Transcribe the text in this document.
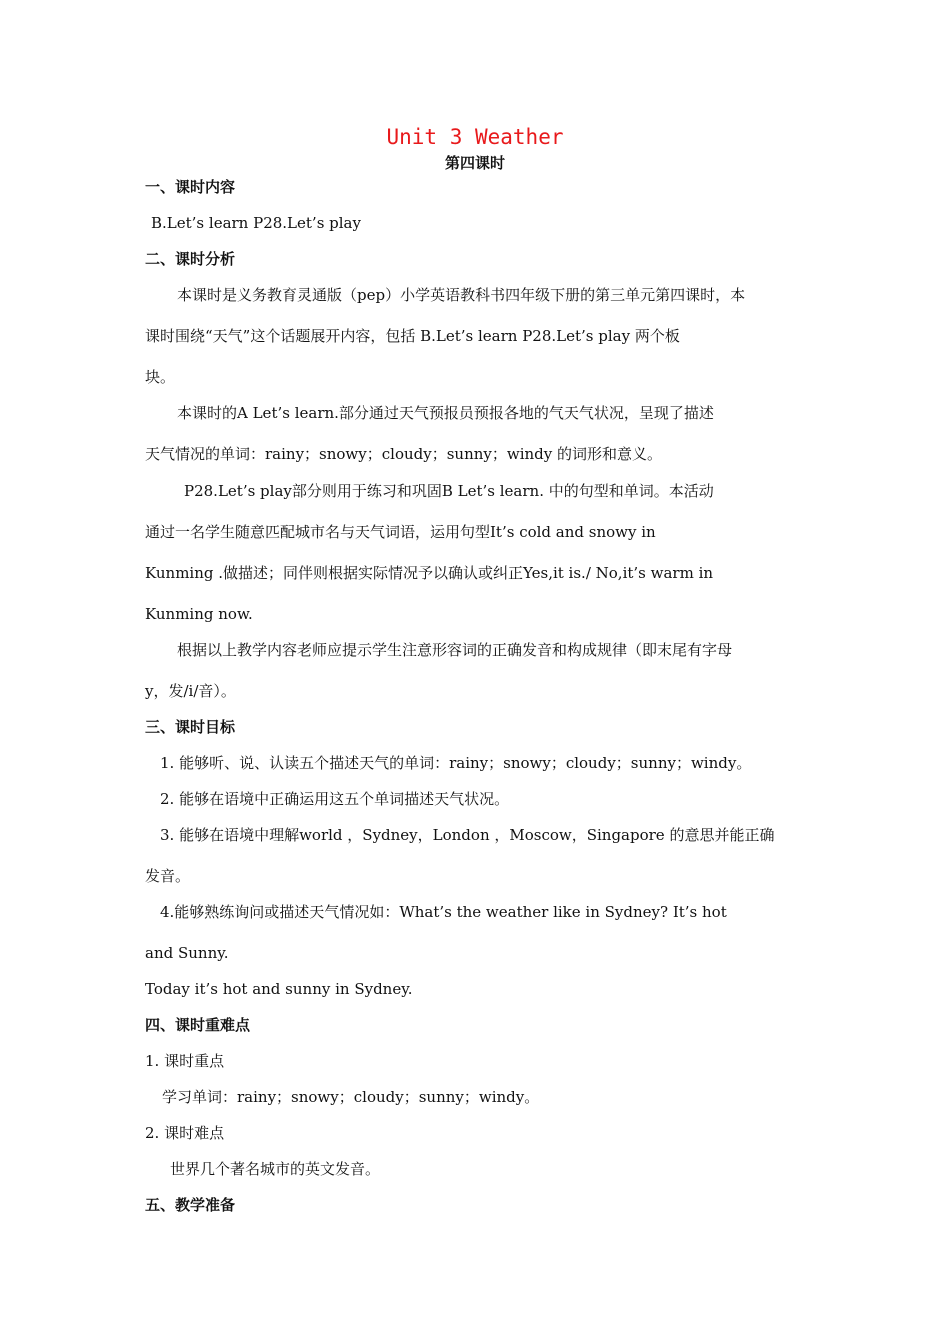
Unit 3 Weather
第四课时
一、课时内容
B.Let’s learn P28.Let’s play
二、课时分析
本课时是义务教育灵通版（pep）小学英语教科书四年级下册的第三单元第四课时，本
课时围绕“天气”这个话题展开内容，包括 B.Let’s learn P28.Let’s play 两个板
块。
本课时的A Let’s learn.部分通过天气预报员预报各地的气天气状况，呈现了描述
天气情况的单词：rainy；snowy；cloudy；sunny；windy 的词形和意义。
P28.Let’s play部分则用于练习和巩固B Let’s learn. 中的句型和单词。本活动
通过一名学生随意匹配城市名与天气词语，运用句型It’s cold and snowy in
Kunming .做描述；同伴则根据实际情况予以确认或纠正Yes,it is./ No,it’s warm in
Kunming now.
根据以上教学内容老师应提示学生注意形容词的正确发音和构成规律（即末尾有字母
y，发/i/音）。
三、课时目标
1. 能够听、说、认读五个描述天气的单词：rainy；snowy；cloudy；sunny；windy。
2. 能够在语境中正确运用这五个单词描述天气状况。
3. 能够在语境中理解world ，Sydney，London ，Moscow，Singapore 的意思并能正确
发音。
4.能够熟练询问或描述天气情况如：What’s the weather like in Sydney? It’s hot
and Sunny.
Today it’s hot and sunny in Sydney.
四、课时重难点
1. 课时重点
学习单词：rainy；snowy；cloudy；sunny；windy。
2. 课时难点
世界几个著名城市的英文发音。
五、教学准备
